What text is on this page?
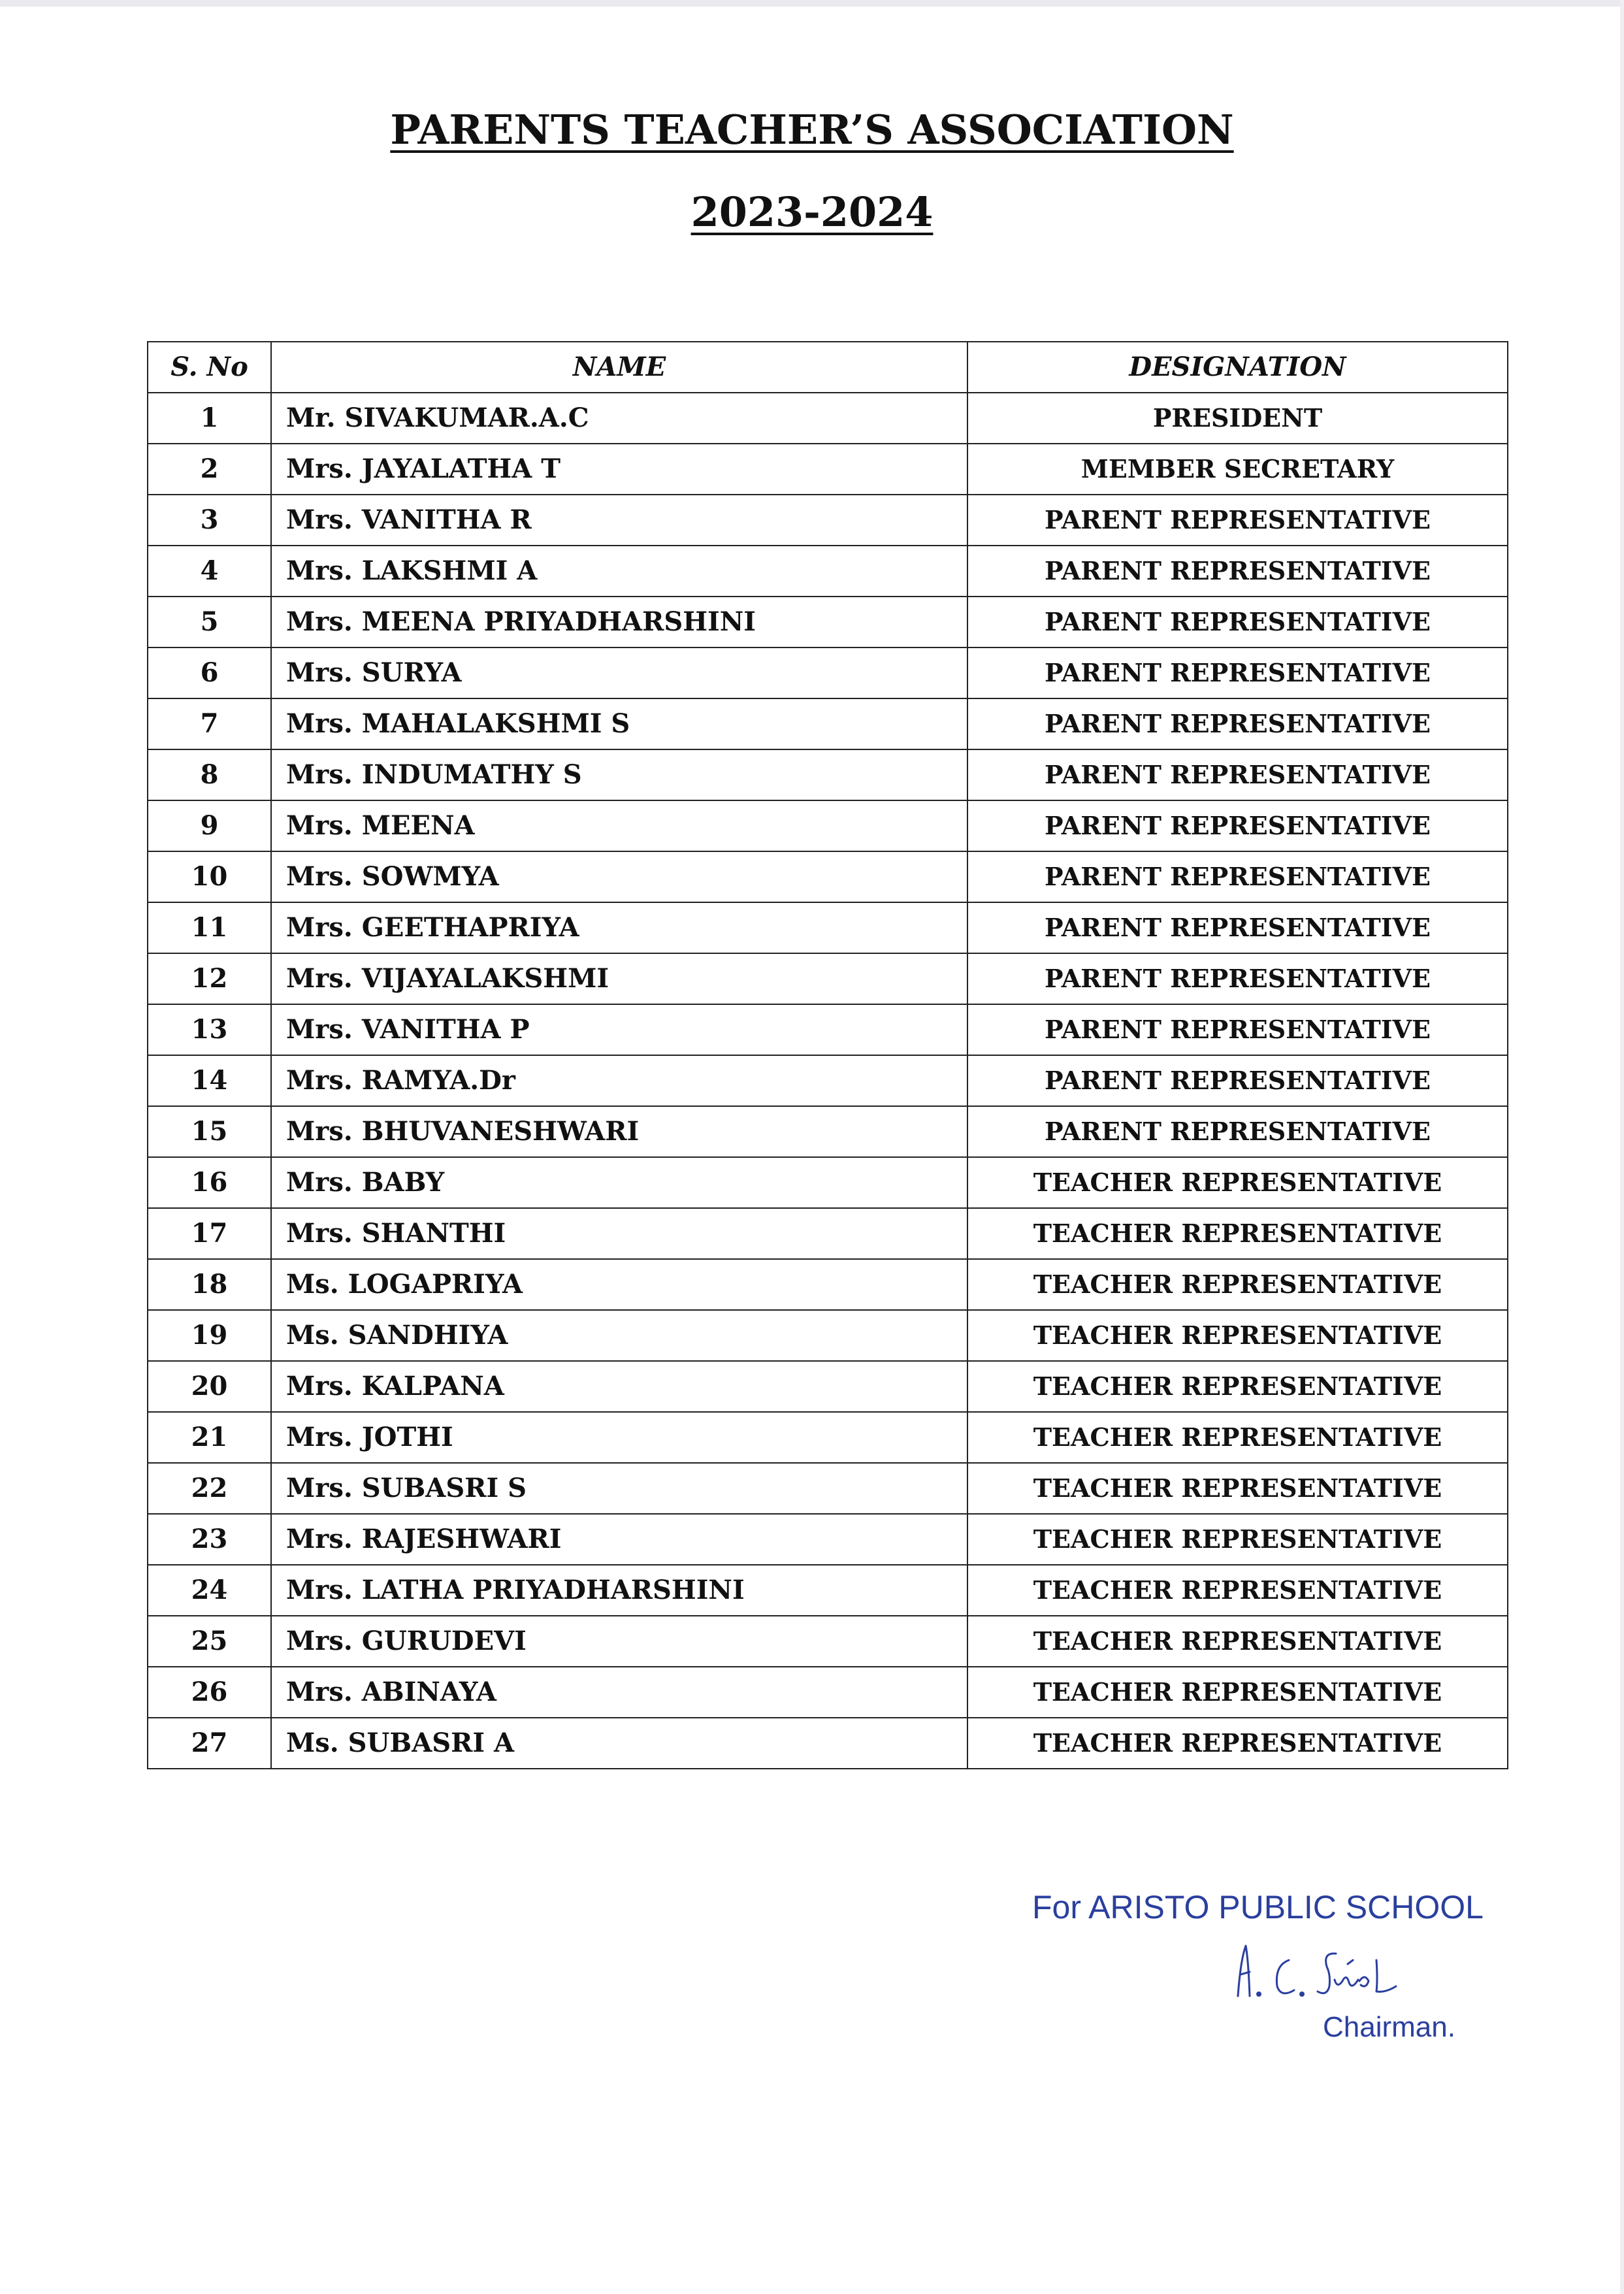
PARENTS TEACHER’S ASSOCIATION
2023-2024
S. No	NAME	DESIGNATION
1	Mr. SIVAKUMAR.A.C	PRESIDENT
2	Mrs. JAYALATHA T	MEMBER SECRETARY
3	Mrs. VANITHA R	PARENT REPRESENTATIVE
4	Mrs. LAKSHMI A	PARENT REPRESENTATIVE
5	Mrs. MEENA PRIYADHARSHINI	PARENT REPRESENTATIVE
6	Mrs. SURYA	PARENT REPRESENTATIVE
7	Mrs. MAHALAKSHMI S	PARENT REPRESENTATIVE
8	Mrs. INDUMATHY S	PARENT REPRESENTATIVE
9	Mrs. MEENA	PARENT REPRESENTATIVE
10	Mrs. SOWMYA	PARENT REPRESENTATIVE
11	Mrs. GEETHAPRIYA	PARENT REPRESENTATIVE
12	Mrs. VIJAYALAKSHMI	PARENT REPRESENTATIVE
13	Mrs. VANITHA P	PARENT REPRESENTATIVE
14	Mrs. RAMYA.Dr	PARENT REPRESENTATIVE
15	Mrs. BHUVANESHWARI	PARENT REPRESENTATIVE
16	Mrs. BABY	TEACHER REPRESENTATIVE
17	Mrs. SHANTHI	TEACHER REPRESENTATIVE
18	Ms. LOGAPRIYA	TEACHER REPRESENTATIVE
19	Ms. SANDHIYA	TEACHER REPRESENTATIVE
20	Mrs. KALPANA	TEACHER REPRESENTATIVE
21	Mrs. JOTHI	TEACHER REPRESENTATIVE
22	Mrs. SUBASRI S	TEACHER REPRESENTATIVE
23	Mrs. RAJESHWARI	TEACHER REPRESENTATIVE
24	Mrs. LATHA PRIYADHARSHINI	TEACHER REPRESENTATIVE
25	Mrs. GURUDEVI	TEACHER REPRESENTATIVE
26	Mrs. ABINAYA	TEACHER REPRESENTATIVE
27	Ms. SUBASRI A	TEACHER REPRESENTATIVE
For ARISTO PUBLIC SCHOOL
Chairman.
